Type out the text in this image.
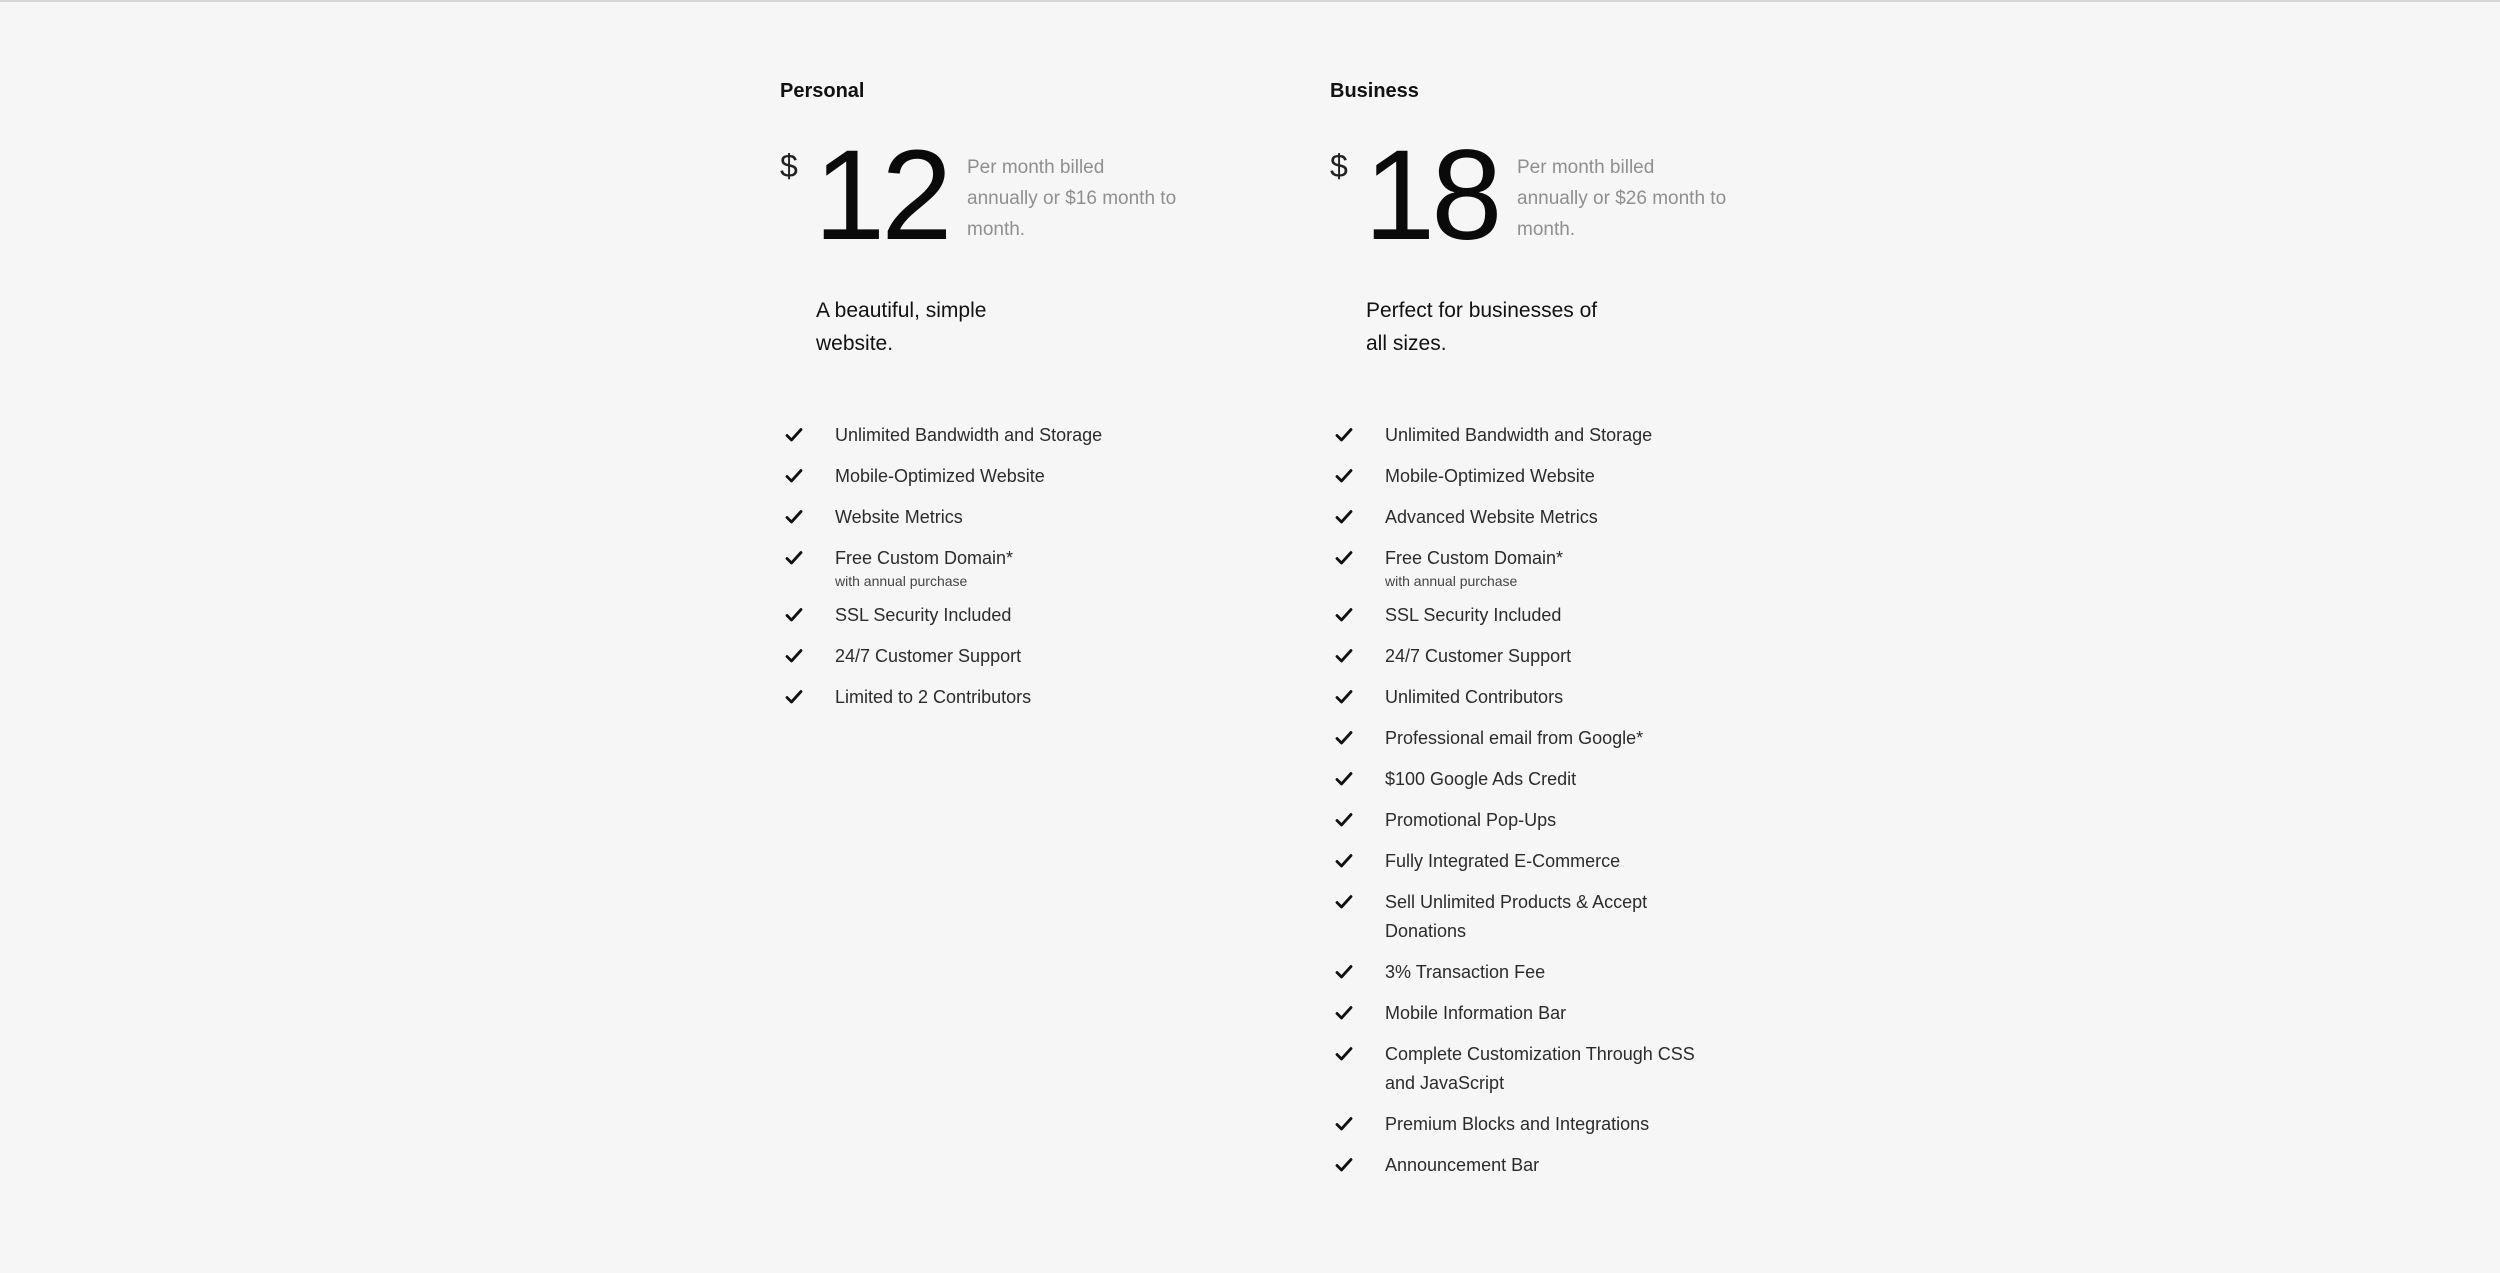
Personal
$ 12 Per month billed annually or $16 month to month.
A beautiful, simple website.
Unlimited Bandwidth and Storage
Mobile-Optimized Website
Website Metrics
Free Custom Domain*
with annual purchase
SSL Security Included
24/7 Customer Support
Limited to 2 Contributors
Business
$ 18 Per month billed annually or $26 month to month.
Perfect for businesses of all sizes.
Unlimited Bandwidth and Storage
Mobile-Optimized Website
Advanced Website Metrics
Free Custom Domain*
with annual purchase
SSL Security Included
24/7 Customer Support
Unlimited Contributors
Professional email from Google*
$100 Google Ads Credit
Promotional Pop-Ups
Fully Integrated E-Commerce
Sell Unlimited Products & Accept Donations
3% Transaction Fee
Mobile Information Bar
Complete Customization Through CSS and JavaScript
Premium Blocks and Integrations
Announcement Bar
